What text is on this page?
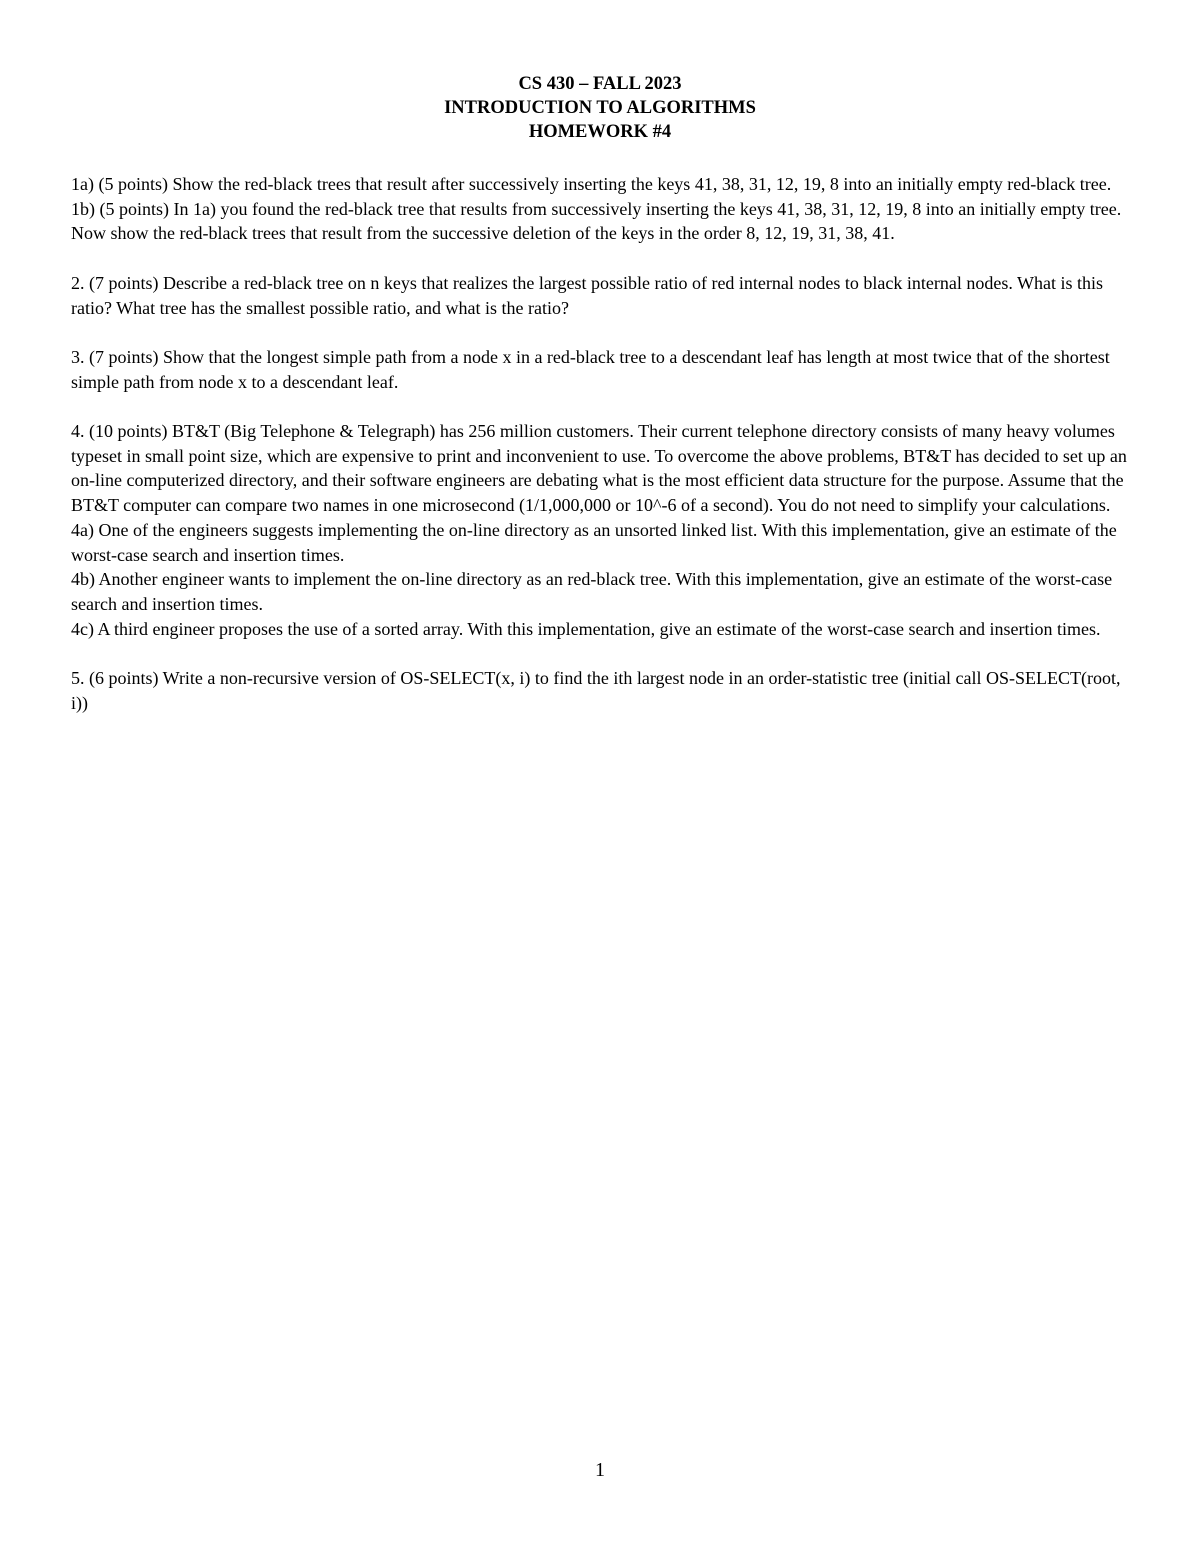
CS 430 – FALL 2023
INTRODUCTION TO ALGORITHMS
HOMEWORK #4

1a) (5 points) Show the red-black trees that result after successively inserting the keys 41, 38, 31, 12, 19, 8 into an initially empty red-black tree.

1b) (5 points) In 1a) you found the red-black tree that results from successively inserting the keys 41, 38, 31, 12, 19, 8 into an initially empty tree. Now show the red-black trees that result from the successive deletion of the keys in the order 8, 12, 19, 31, 38, 41.

2. (7 points) Describe a red-black tree on n keys that realizes the largest possible ratio of red internal nodes to black internal nodes. What is this ratio? What tree has the smallest possible ratio, and what is the ratio?

3. (7 points) Show that the longest simple path from a node x in a red-black tree to a descendant leaf has length at most twice that of the shortest simple path from node x to a descendant leaf.

4. (10 points) BT&T (Big Telephone & Telegraph) has 256 million customers. Their current telephone directory consists of many heavy volumes typeset in small point size, which are expensive to print and inconvenient to use. To overcome the above problems, BT&T has decided to set up an on-line computerized directory, and their software engineers are debating what is the most efficient data structure for the purpose. Assume that the BT&T computer can compare two names in one microsecond (1/1,000,000 or 10^-6 of a second). You do not need to simplify your calculations.

4a) One of the engineers suggests implementing the on-line directory as an unsorted linked list. With this implementation, give an estimate of the worst-case search and insertion times.

4b) Another engineer wants to implement the on-line directory as an red-black tree. With this implementation, give an estimate of the worst-case search and insertion times.

4c) A third engineer proposes the use of a sorted array. With this implementation, give an estimate of the worst-case search and insertion times.

5. (6 points) Write a non-recursive version of OS-SELECT(x, i) to find the ith largest node in an order-statistic tree (initial call OS-SELECT(root, i))

1
